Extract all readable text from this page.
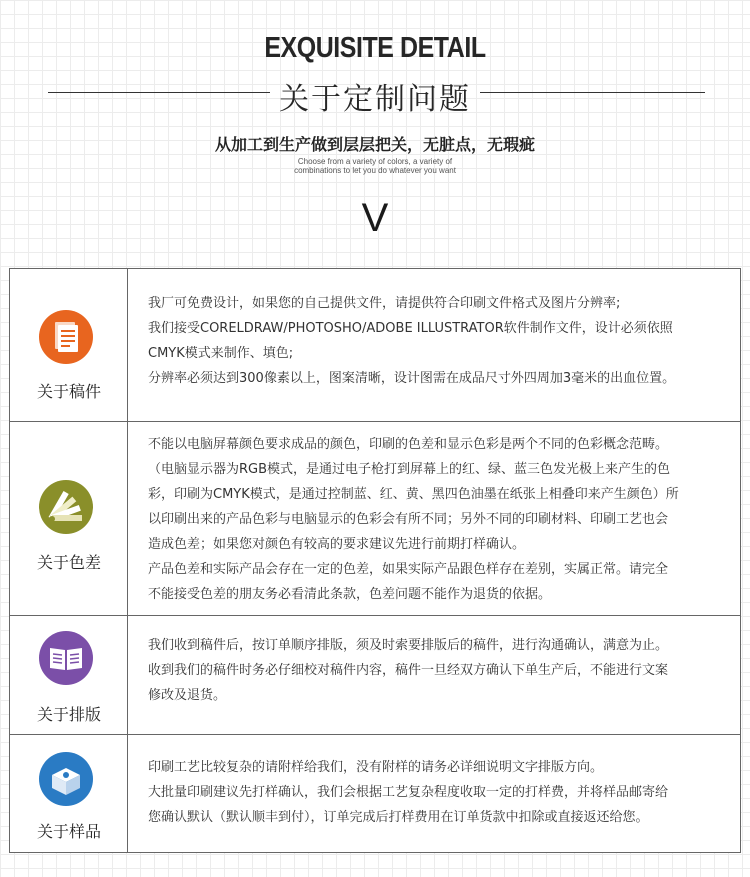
EXQUISITE DETAIL
关于定制问题
从加工到生产做到层层把关，无脏点，无瑕疵
Choose from a variety of colors, a variety of
combinations to let you do whatever you want
V
关于稿件
我厂可免费设计，如果您的自己提供文件，请提供符合印刷文件格式及图片分辨率;
我们接受CORELDRAW/PHOTOSHO/ADOBE ILLUSTRATOR软件制作文件，设计必须依照
CMYK模式来制作、填色;
分辨率必须达到300像素以上，图案清晰，设计图需在成品尺寸外四周加3毫米的出血位置。
关于色差
不能以电脑屏幕颜色要求成品的颜色，印刷的色差和显示色彩是两个不同的色彩概念范畴。
（电脑显示器为RGB模式，是通过电子枪打到屏幕上的红、绿、蓝三色发光极上来产生的色
彩，印刷为CMYK模式，是通过控制蓝、红、黄、黑四色油墨在纸张上相叠印来产生颜色）所
以印刷出来的产品色彩与电脑显示的色彩会有所不同；另外不同的印刷材料、印刷工艺也会
造成色差；如果您对颜色有较高的要求建议先进行前期打样确认。
产品色差和实际产品会存在一定的色差，如果实际产品跟色样存在差别，实属正常。请完全
不能接受色差的朋友务必看清此条款，色差问题不能作为退货的依据。
关于排版
我们收到稿件后，按订单顺序排版，须及时索要排版后的稿件，进行沟通确认，满意为止。
收到我们的稿件时务必仔细校对稿件内容，稿件一旦经双方确认下单生产后，不能进行文案
修改及退货。
关于样品
印刷工艺比较复杂的请附样给我们，没有附样的请务必详细说明文字排版方向。
大批量印刷建议先打样确认，我们会根据工艺复杂程度收取一定的打样费，并将样品邮寄给
您确认默认（默认顺丰到付），订单完成后打样费用在订单货款中扣除或直接返还给您。
